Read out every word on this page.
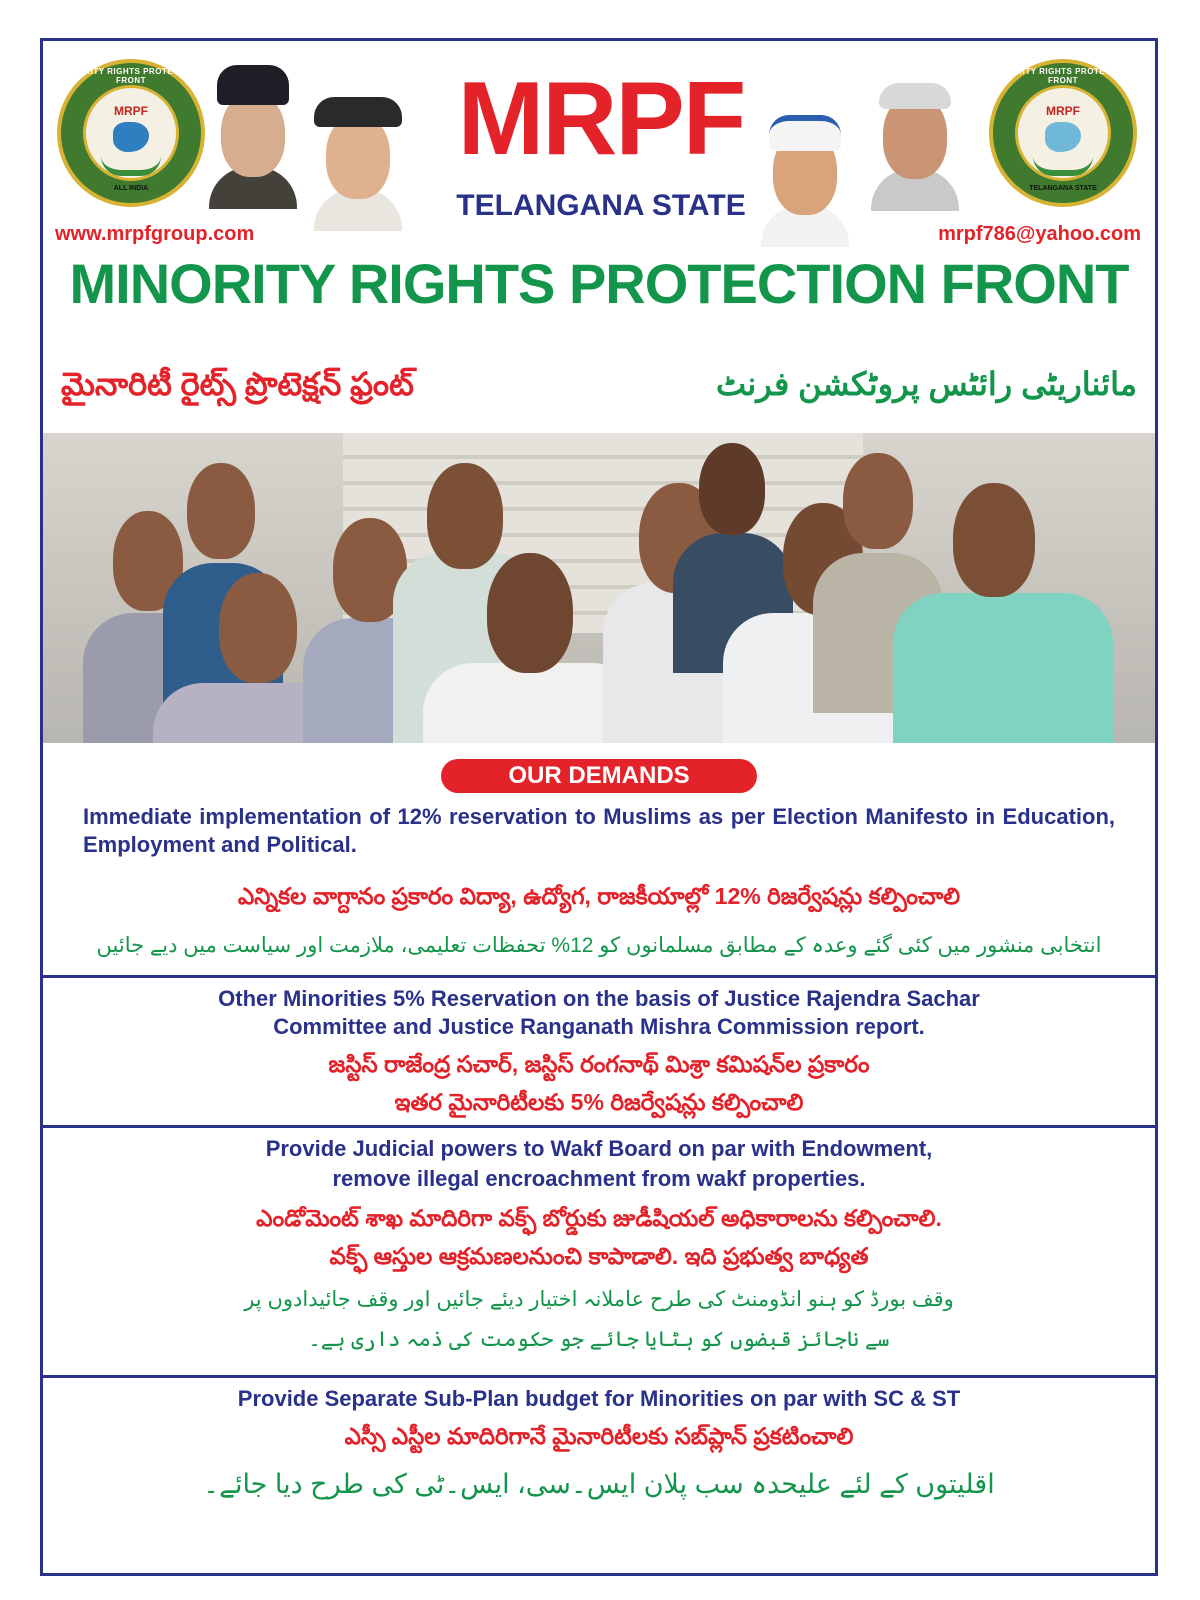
MINORITY RIGHTS PROTECTION FRONT
MRPF
ALL INDIA
MRPF
TELANGANA STATE
MINORITY RIGHTS PROTECTION FRONT
MRPF
TELANGANA STATE
www.mrpfgroup.com	mrpf786@yahoo.com
MINORITY RIGHTS PROTECTION FRONT
మైనారిటీ రైట్స్ ప్రొటెక్షన్ ఫ్రంట్	مائناریٹی رائٹس پروٹکشن فرنٹ
OUR DEMANDS
Immediate implementation of 12% reservation to Muslims as per Election Manifesto in Education, Employment and Political.
ఎన్నికల వాగ్దానం ప్రకారం విద్యా, ఉద్యోగ, రాజకీయాల్లో 12% రిజర్వేషన్లు కల్పించాలి
انتخابی منشور میں کئی گئے وعدہ کے مطابق مسلمانوں کو 12% تحفظات تعلیمی، ملازمت اور سیاست میں دیے جائیں
Other Minorities 5% Reservation on the basis of Justice Rajendra Sachar
Committee and Justice Ranganath Mishra Commission report.
జస్టిస్ రాజేంద్ర సచార్, జస్టిస్ రంగనాథ్ మిశ్రా కమిషన్‌ల ప్రకారం
ఇతర మైనారిటీలకు 5% రిజర్వేషన్లు కల్పించాలి
Provide Judicial powers to Wakf Board on par with Endowment,
remove illegal encroachment from wakf properties.
ఎండోమెంట్ శాఖ మాదిరిగా వక్ఫ్ బోర్డుకు జుడీషియల్ అధికారాలను కల్పించాలి.
వక్ఫ్ ఆస్తుల ఆక్రమణలనుంచి కాపాడాలి. ఇది ప్రభుత్వ బాధ్యత
وقف بورڈ کو ہنو انڈومنٹ کی طرح عاملانہ اختیار دیئے جائیں اور وقف جائیدادوں پر
سے ناجائز قبضوں کو ہٹایا جائے جو حکومت کی ذمہ داری ہے۔
Provide Separate Sub-Plan budget for Minorities on par with SC & ST
ఎస్సీ ఎస్టీల మాదిరిగానే మైనారిటీలకు సబ్‌ప్లాన్ ప్రకటించాలి
اقلیتوں کے لئے علیحدہ سب پلان ایس۔سی، ایس۔ٹی کی طرح دیا جائے۔
